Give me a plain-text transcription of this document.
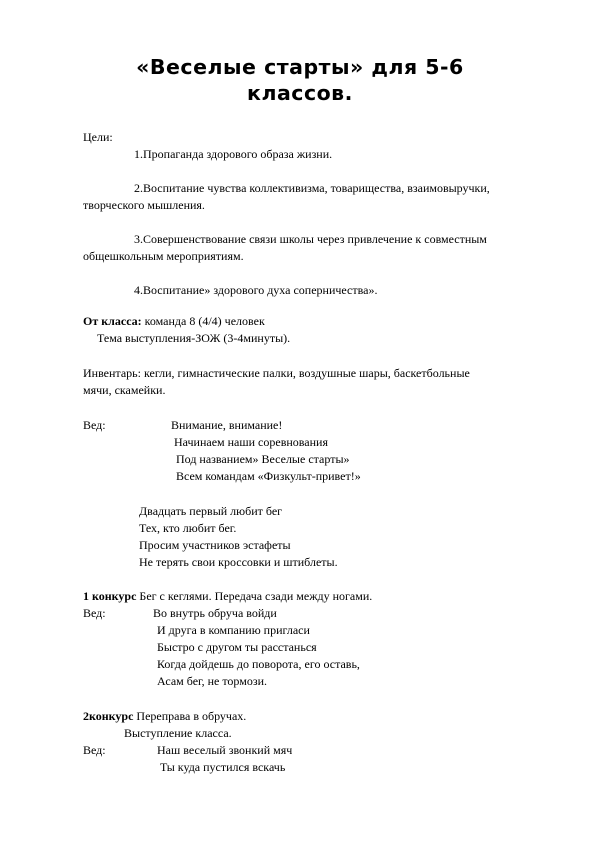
«Веселые старты» для 5-6
классов.
Цели:
1.Пропаганда здорового образа жизни.
2.Воспитание чувства коллективизма, товарищества, взаимовыручки,
творческого мышления.
3.Совершенствование связи школы через привлечение к совместным
общешкольным мероприятиям.
4.Воспитание» здорового духа соперничества».
От класса: команда 8 (4/4) человек
Тема выступления-ЗОЖ (3-4минуты).
Инвентарь: кегли, гимнастические палки, воздушные шары, баскетбольные
мячи, скамейки.
Вед:	Внимание, внимание!
Начинаем наши соревнования
Под названием» Веселые старты»
Всем командам «Физкульт-привет!»
Двадцать первый любит бег
Тех, кто любит бег.
Просим участников эстафеты
Не терять свои кроссовки и штиблеты.
1 конкурс Бег с кеглями. Передача сзади между ногами.
Вед:	Во внутрь обруча войди
И друга в компанию пригласи
Быстро с другом ты расстанься
Когда дойдешь до поворота, его оставь,
Асам бег, не тормози.
2конкурс Переправа в обручах.
Выступление класса.
Вед:	Наш веселый звонкий мяч
Ты куда пустился вскачь
